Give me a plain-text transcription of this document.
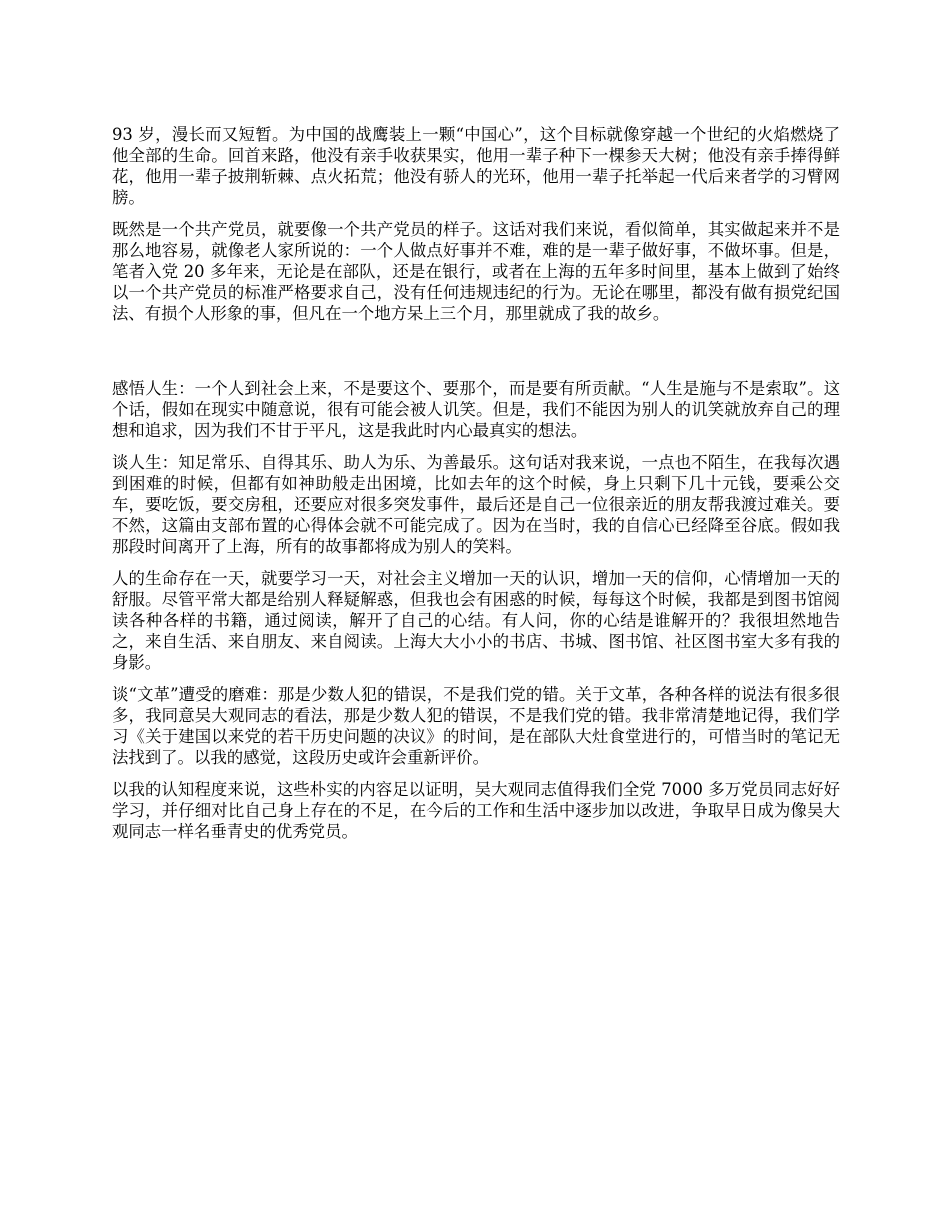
93 岁，漫长而又短暂。为中国的战鹰装上一颗“中国心”，这个目标就像穿越一个世纪的火焰燃烧了他全部的生命。回首来路，他没有亲手收获果实，他用一辈子种下一棵参天大树；他没有亲手捧得鲜花，他用一辈子披荆斩棘、点火拓荒；他没有骄人的光环，他用一辈子托举起一代后来者学的习臂网膀。

既然是一个共产党员，就要像一个共产党员的样子。这话对我们来说，看似简单，其实做起来并不是那么地容易，就像老人家所说的：一个人做点好事并不难，难的是一辈子做好事，不做坏事。但是，笔者入党 20 多年来，无论是在部队，还是在银行，或者在上海的五年多时间里，基本上做到了始终以一个共产党员的标准严格要求自己，没有任何违规违纪的行为。无论在哪里，都没有做有损党纪国法、有损个人形象的事，但凡在一个地方呆上三个月，那里就成了我的故乡。

感悟人生：一个人到社会上来，不是要这个、要那个，而是要有所贡献。“人生是施与不是索取”。这个话，假如在现实中随意说，很有可能会被人讥笑。但是，我们不能因为别人的讥笑就放弃自己的理想和追求，因为我们不甘于平凡，这是我此时内心最真实的想法。

谈人生：知足常乐、自得其乐、助人为乐、为善最乐。这句话对我来说，一点也不陌生，在我每次遇到困难的时候，但都有如神助般走出困境，比如去年的这个时候，身上只剩下几十元钱，要乘公交车，要吃饭，要交房租，还要应对很多突发事件，最后还是自己一位很亲近的朋友帮我渡过难关。要不然，这篇由支部布置的心得体会就不可能完成了。因为在当时，我的自信心已经降至谷底。假如我那段时间离开了上海，所有的故事都将成为别人的笑料。

人的生命存在一天，就要学习一天，对社会主义增加一天的认识，增加一天的信仰，心情增加一天的舒服。尽管平常大都是给别人释疑解惑，但我也会有困惑的时候，每每这个时候，我都是到图书馆阅读各种各样的书籍，通过阅读，解开了自己的心结。有人问，你的心结是谁解开的？我很坦然地告之，来自生活、来自朋友、来自阅读。上海大大小小的书店、书城、图书馆、社区图书室大多有我的身影。

谈“文革”遭受的磨难：那是少数人犯的错误，不是我们党的错。关于文革，各种各样的说法有很多很多，我同意吴大观同志的看法，那是少数人犯的错误，不是我们党的错。我非常清楚地记得，我们学习《关于建国以来党的若干历史问题的决议》的时间，是在部队大灶食堂进行的，可惜当时的笔记无法找到了。以我的感觉，这段历史或许会重新评价。

以我的认知程度来说，这些朴实的内容足以证明，吴大观同志值得我们全党 7000 多万党员同志好好学习，并仔细对比自己身上存在的不足，在今后的工作和生活中逐步加以改进，争取早日成为像吴大观同志一样名垂青史的优秀党员。
